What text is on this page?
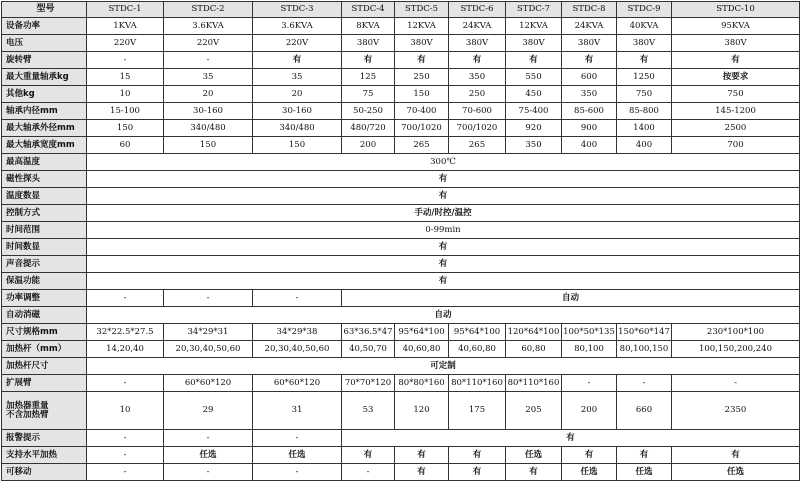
型号	STDC-1	STDC-2	STDC-3	STDC-4	STDC-5	STDC-6	STDC-7	STDC-8	STDC-9	STDC-10
设备功率	1KVA	3.6KVA	3.6KVA	8KVA	12KVA	24KVA	12KVA	24KVA	40KVA	95KVA
电压	220V	220V	220V	380V	380V	380V	380V	380V	380V	380V
旋转臂	-	-	有	有	有	有	有	有	有	有
最大重量轴承kg	15	35	35	125	250	350	550	600	1250	按要求
其他kg	10	20	20	75	150	250	450	350	750	750
轴承内径mm	15-100	30-160	30-160	50-250	70-400	70-600	75-400	85-600	85-800	145-1200
最大轴承外径mm	150	340/480	340/480	480/720	700/1020	700/1020	920	900	1400	2500
最大轴承宽度mm	60	150	150	200	265	265	350	400	400	700
最高温度	300℃									
磁性探头	有									
温度数显	有									
控制方式	手动/时控/温控									
时间范围	0-99min									
时间数显	有									
声音提示	有									
保温功能	有									
功率调整	-	-	-	自动						
自动消磁	自动									
尺寸规格mm	32*22.5*27.5	34*29*31	34*29*38	63*36.5*47	95*64*100	95*64*100	120*64*100	100*50*135	150*60*147	230*100*100
加热杆（mm）	14,20,40	20,30,40,50,60	20,30,40,50,60	40,50,70	40,60,80	40,60,80	60,80	80,100	80,100,150	100,150,200,240
加热杆尺寸	可定制									
扩展臂	-	60*60*120	60*60*120	70*70*120	80*80*160	80*110*160	80*110*160	-	-	-
加热器重量
不含加热臂	10	29	31	53	120	175	205	200	660	2350
报警提示	-	-	-	有						
支持水平加热	-	任选	任选	有	有	有	任选	有	有	有
可移动	-	-	-	-	有	有	有	任选	任选	任选
